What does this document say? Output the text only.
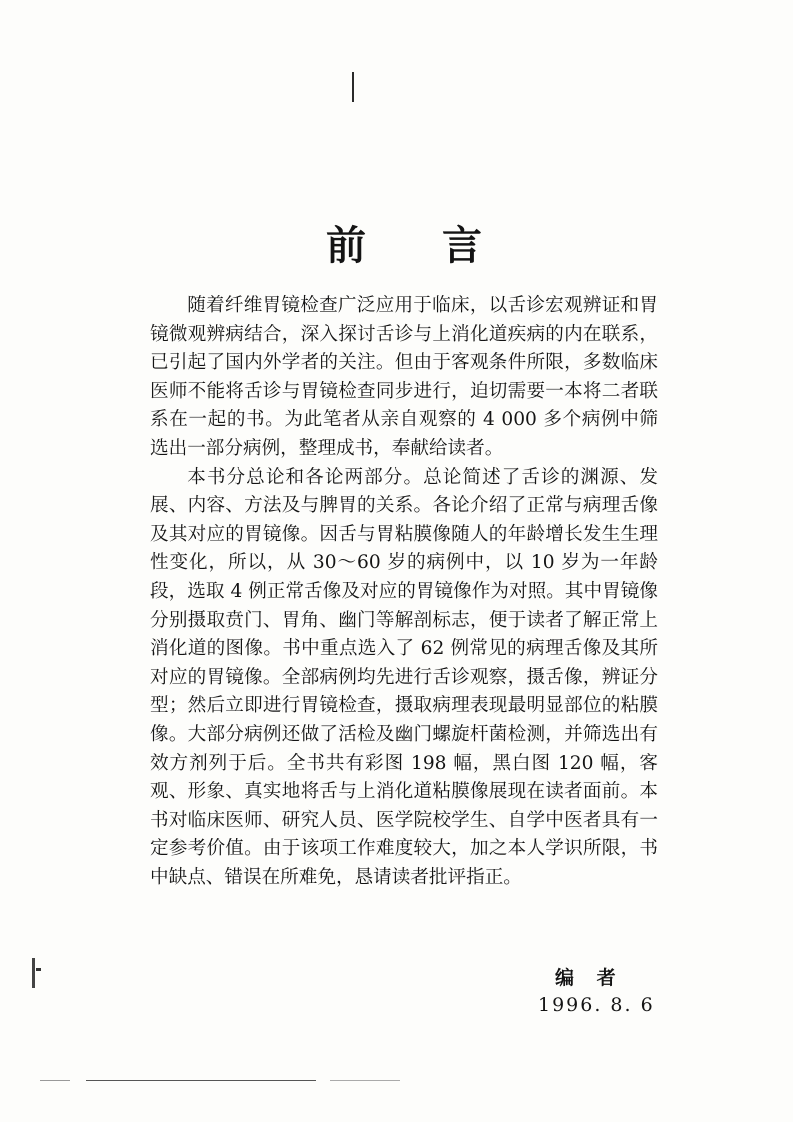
前 言

随着纤维胃镜检查广泛应用于临床，以舌诊宏观辨证和胃镜微观辨病结合，深入探讨舌诊与上消化道疾病的内在联系，已引起了国内外学者的关注。但由于客观条件所限，多数临床医师不能将舌诊与胃镜检查同步进行，迫切需要一本将二者联系在一起的书。为此笔者从亲自观察的 4 000 多个病例中筛选出一部分病例，整理成书，奉献给读者。

本书分总论和各论两部分。总论简述了舌诊的渊源、发展、内容、方法及与脾胃的关系。各论介绍了正常与病理舌像及其对应的胃镜像。因舌与胃粘膜像随人的年龄增长发生生理性变化，所以，从 30～60 岁的病例中，以 10 岁为一年龄段，选取 4 例正常舌像及对应的胃镜像作为对照。其中胃镜像分别摄取贲门、胃角、幽门等解剖标志，便于读者了解正常上消化道的图像。书中重点选入了 62 例常见的病理舌像及其所对应的胃镜像。全部病例均先进行舌诊观察，摄舌像，辨证分型；然后立即进行胃镜检查，摄取病理表现最明显部位的粘膜像。大部分病例还做了活检及幽门螺旋杆菌检测，并筛选出有效方剂列于后。全书共有彩图 198 幅，黑白图 120 幅，客观、形象、真实地将舌与上消化道粘膜像展现在读者面前。本书对临床医师、研究人员、医学院校学生、自学中医者具有一定参考价值。由于该项工作难度较大，加之本人学识所限，书中缺点、错误在所难免，恳请读者批评指正。

编 者
1996. 8. 6
